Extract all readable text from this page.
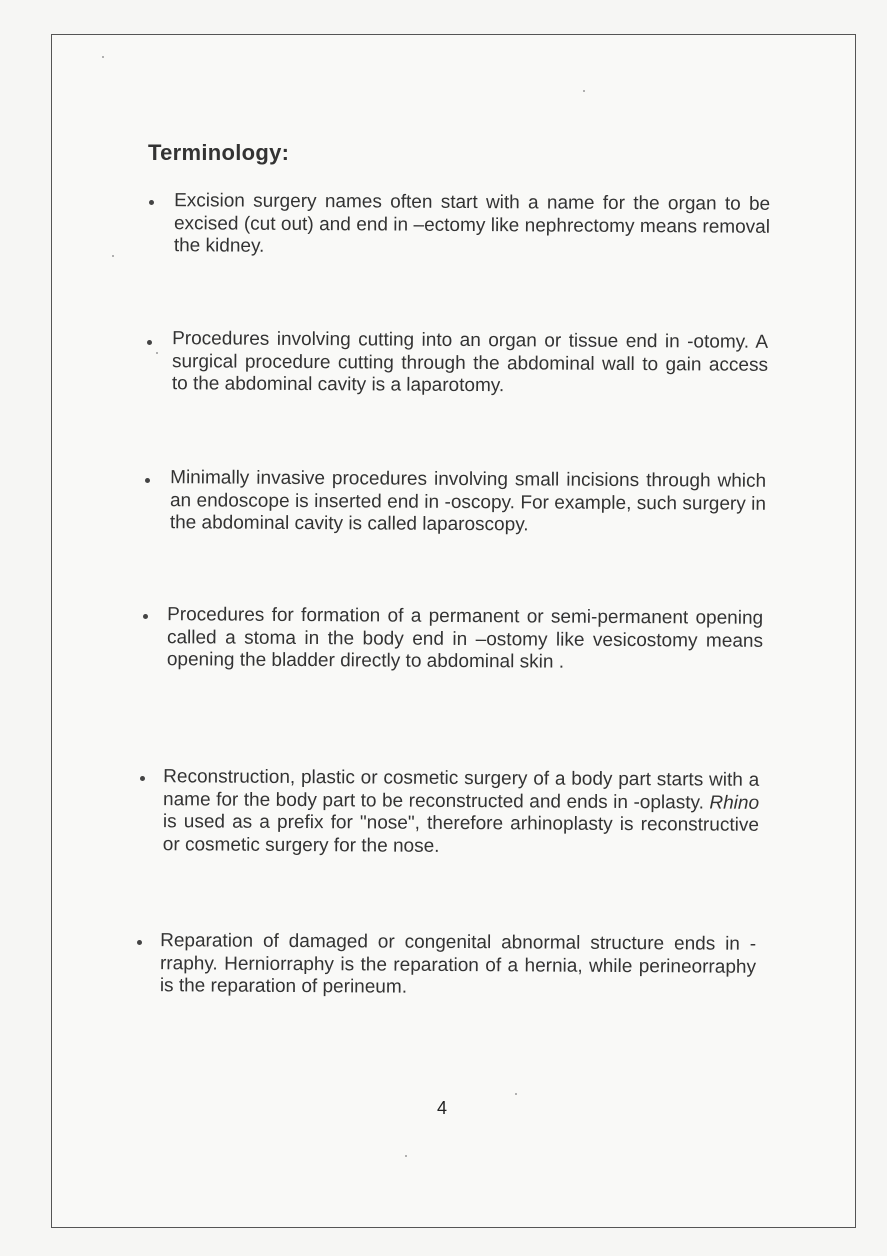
Terminology:
Excision surgery names often start with a name for the organ to be excised (cut out) and end in –ectomy like nephrectomy means removal the kidney.
Procedures involving cutting into an organ or tissue end in -otomy. A surgical procedure cutting through the abdominal wall to gain access to the abdominal cavity is a laparotomy.
Minimally invasive procedures involving small incisions through which an endoscope is inserted end in -oscopy. For example, such surgery in the abdominal cavity is called laparoscopy.
Procedures for formation of a permanent or semi-permanent opening called a stoma in the body end in –ostomy like vesicostomy means opening the bladder directly to abdominal skin .
Reconstruction, plastic or cosmetic surgery of a body part starts with a name for the body part to be reconstructed and ends in -oplasty. Rhino is used as a prefix for "nose", therefore arhinoplasty is reconstructive or cosmetic surgery for the nose.
Reparation of damaged or congenital abnormal structure ends in -rraphy. Herniorraphy is the reparation of a hernia, while perineorraphy is the reparation of perineum.
4
